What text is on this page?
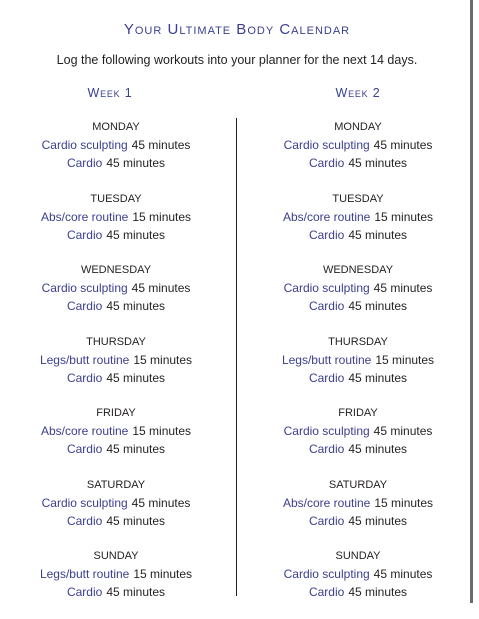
Your Ultimate Body Calendar
Log the following workouts into your planner for the next 14 days.
Week 1
MONDAY
Cardio sculpting 45 minutes
Cardio 45 minutes
TUESDAY
Abs/core routine 15 minutes
Cardio 45 minutes
WEDNESDAY
Cardio sculpting 45 minutes
Cardio 45 minutes
THURSDAY
Legs/butt routine 15 minutes
Cardio 45 minutes
FRIDAY
Abs/core routine 15 minutes
Cardio 45 minutes
SATURDAY
Cardio sculpting 45 minutes
Cardio 45 minutes
SUNDAY
Legs/butt routine 15 minutes
Cardio 45 minutes
Week 2
MONDAY
Cardio sculpting 45 minutes
Cardio 45 minutes
TUESDAY
Abs/core routine 15 minutes
Cardio 45 minutes
WEDNESDAY
Cardio sculpting 45 minutes
Cardio 45 minutes
THURSDAY
Legs/butt routine 15 minutes
Cardio 45 minutes
FRIDAY
Cardio sculpting 45 minutes
Cardio 45 minutes
SATURDAY
Abs/core routine 15 minutes
Cardio 45 minutes
SUNDAY
Cardio sculpting 45 minutes
Cardio 45 minutes
